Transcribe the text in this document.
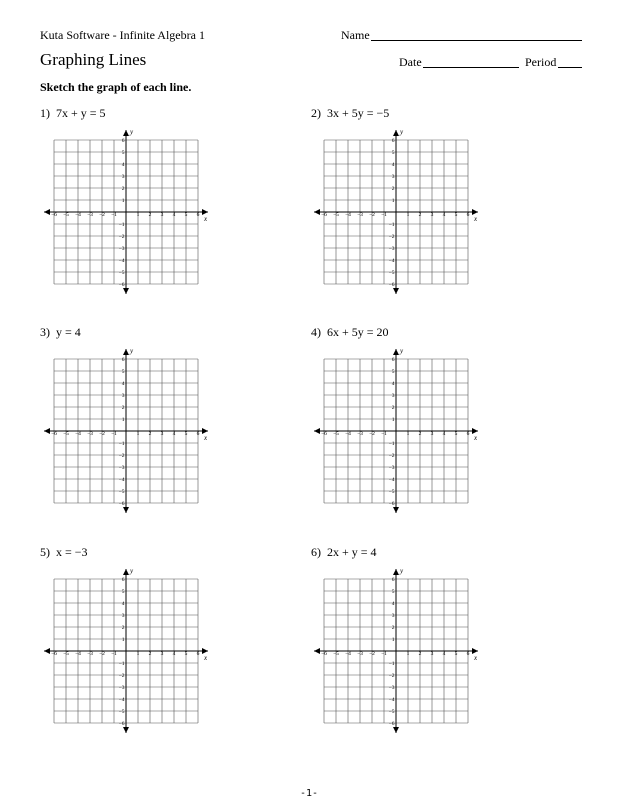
Kuta Software - Infinite Algebra 1	Name
Graphing Lines	Date	Period
Sketch the graph of each line.
1) 7x + y = 5	2) 3x + 5y = −5
3) y = 4	4) 6x + 5y = 20
5) x = −3	6) 2x + y = 4
−6 −5 −4 −3 −2 −1	1 2 3 4 5 6
6
5
4
3
2
1
−1
−2
−3
−4
−5
−6
x
y
−6 −5 −4 −3 −2 −1	1 2 3 4 5 6
6
5
4
3
2
1
−1
−2
−3
−4
−5
−6
x
y
−6 −5 −4 −3 −2 −1	1 2 3 4 5 6
6
5
4
3
2
1
−1
−2
−3
−4
−5
−6
x
y
−6 −5 −4 −3 −2 −1	1 2 3 4 5 6
6
5
4
3
2
1
−1
−2
−3
−4
−5
−6
x
y
−6 −5 −4 −3 −2 −1	1 2 3 4 5 6
6
5
4
3
2
1
−1
−2
−3
−4
−5
−6
x
y
−6 −5 −4 −3 −2 −1	1 2 3 4 5 6
6
5
4
3
2
1
−1
−2
−3
−4
−5
−6
x
y
-1-
